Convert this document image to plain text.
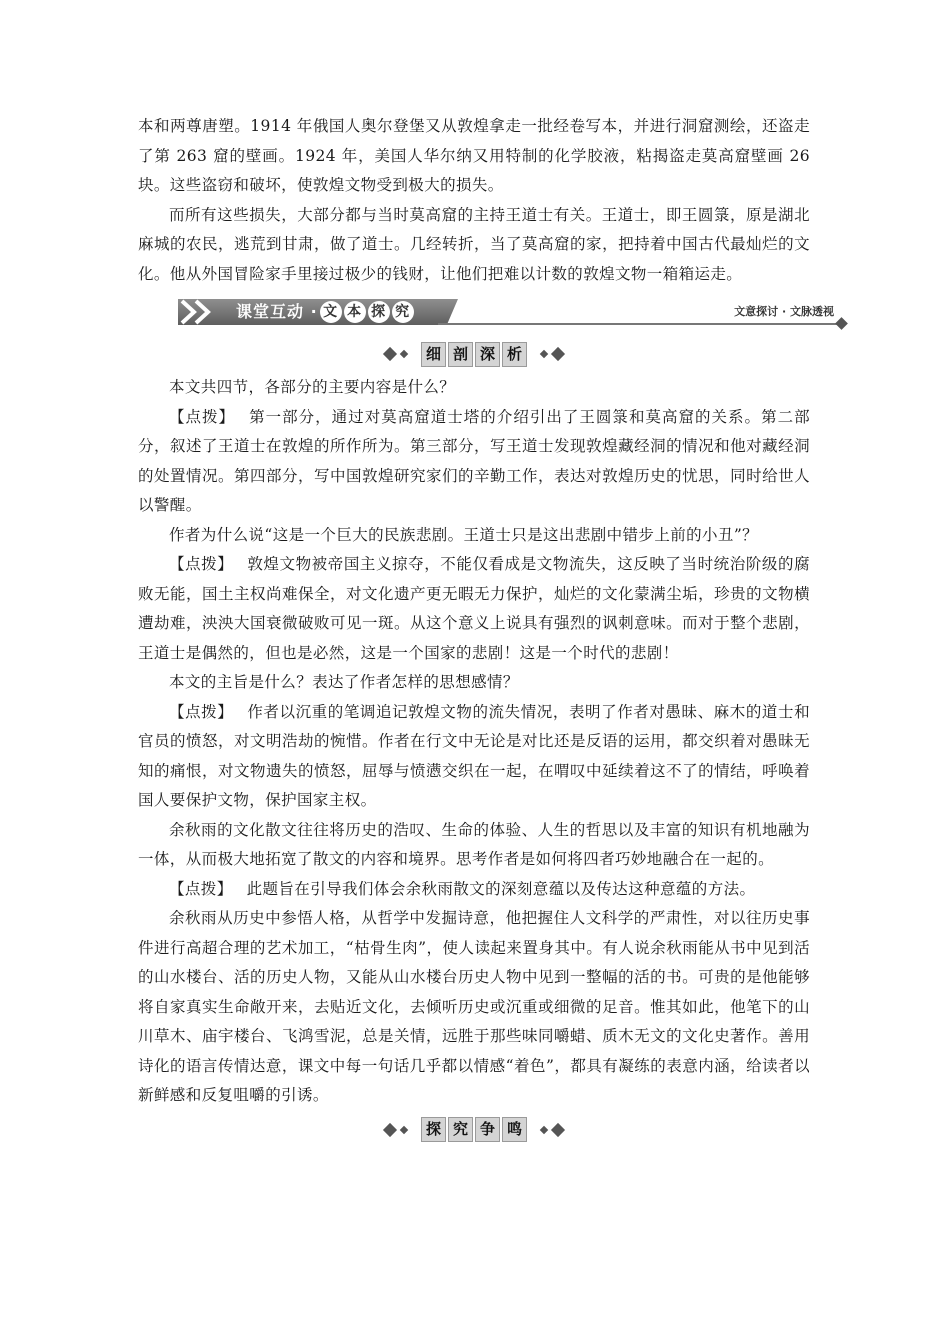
本和两尊唐塑。1914 年俄国人奥尔登堡又从敦煌拿走一批经卷写本，并进行洞窟测绘，还盗走了第 263 窟的壁画。1924 年，美国人华尔纳又用特制的化学胶液，粘揭盗走莫高窟壁画 26 块。这些盗窃和破坏，使敦煌文物受到极大的损失。

而所有这些损失，大部分都与当时莫高窟的主持王道士有关。王道士，即王圆箓，原是湖北麻城的农民，逃荒到甘肃，做了道士。几经转折，当了莫高窟的家，把持着中国古代最灿烂的文化。他从外国冒险家手里接过极少的钱财，让他们把难以计数的敦煌文物一箱箱运走。

课堂互动 · 文 本 探 究	文意探讨 · 文脉透视
细 剖 深 析

本文共四节，各部分的主要内容是什么？

【点拨】 第一部分，通过对莫高窟道士塔的介绍引出了王圆箓和莫高窟的关系。第二部分，叙述了王道士在敦煌的所作所为。第三部分，写王道士发现敦煌藏经洞的情况和他对藏经洞的处置情况。第四部分，写中国敦煌研究家们的辛勤工作，表达对敦煌历史的忧思，同时给世人以警醒。

作者为什么说“这是一个巨大的民族悲剧。王道士只是这出悲剧中错步上前的小丑”？

【点拨】 敦煌文物被帝国主义掠夺，不能仅看成是文物流失，这反映了当时统治阶级的腐败无能，国土主权尚难保全，对文化遗产更无暇无力保护，灿烂的文化蒙满尘垢，珍贵的文物横遭劫难，泱泱大国衰微破败可见一斑。从这个意义上说具有强烈的讽刺意味。而对于整个悲剧，王道士是偶然的，但也是必然，这是一个国家的悲剧！这是一个时代的悲剧！

本文的主旨是什么？表达了作者怎样的思想感情？

【点拨】 作者以沉重的笔调追记敦煌文物的流失情况，表明了作者对愚昧、麻木的道士和官员的愤怒，对文明浩劫的惋惜。作者在行文中无论是对比还是反语的运用，都交织着对愚昧无知的痛恨，对文物遗失的愤怒，屈辱与愤懑交织在一起，在喟叹中延续着这不了的情结，呼唤着国人要保护文物，保护国家主权。

余秋雨的文化散文往往将历史的浩叹、生命的体验、人生的哲思以及丰富的知识有机地融为一体，从而极大地拓宽了散文的内容和境界。思考作者是如何将四者巧妙地融合在一起的。

【点拨】 此题旨在引导我们体会余秋雨散文的深刻意蕴以及传达这种意蕴的方法。

余秋雨从历史中参悟人格，从哲学中发掘诗意，他把握住人文科学的严肃性，对以往历史事件进行高超合理的艺术加工，“枯骨生肉”，使人读起来置身其中。有人说余秋雨能从书中见到活的山水楼台、活的历史人物，又能从山水楼台历史人物中见到一整幅的活的书。可贵的是他能够将自家真实生命敞开来，去贴近文化，去倾听历史或沉重或细微的足音。惟其如此，他笔下的山川草木、庙宇楼台、飞鸿雪泥，总是关情，远胜于那些味同嚼蜡、质木无文的文化史著作。善用诗化的语言传情达意，课文中每一句话几乎都以情感“着色”，都具有凝练的表意内涵，给读者以新鲜感和反复咀嚼的引诱。

探 究 争 鸣
